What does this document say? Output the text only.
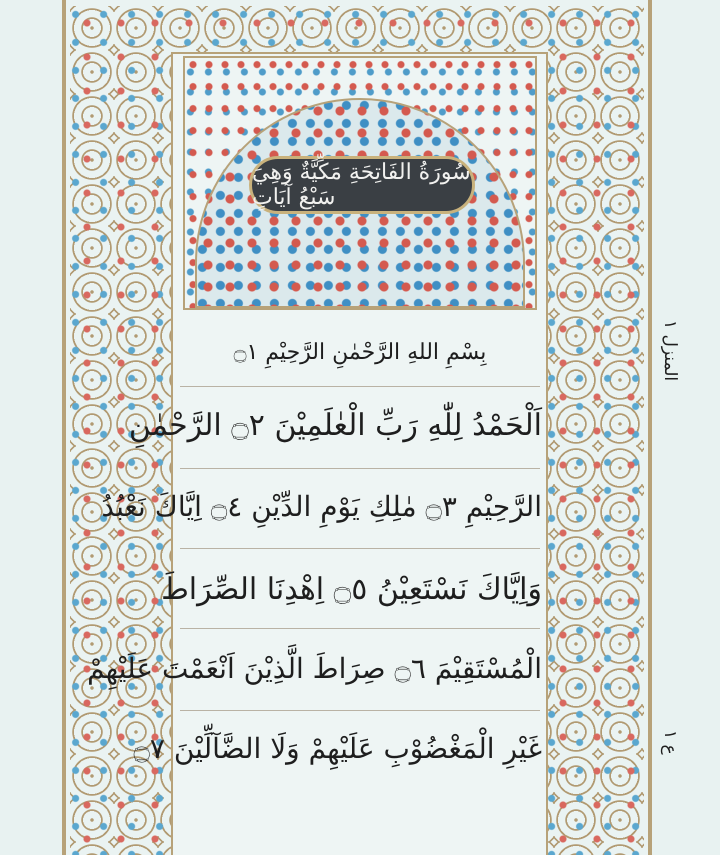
سُورَةُ الفَاتِحَةِ مَكِّيَّةٌ وَهِيَ سَبْعُ آيَاتٍ
بِسْمِ اللهِ الرَّحْمٰنِ الرَّحِيْمِ ۝١
اَلْحَمْدُ لِلّٰهِ رَبِّ الْعٰلَمِيْنَ ۝٢ الرَّحْمٰنِ
الرَّحِيْمِ ۝٣ مٰلِكِ يَوْمِ الدِّيْنِ ۝٤ اِيَّاكَ نَعْبُدُ
وَاِيَّاكَ نَسْتَعِيْنُ ۝٥ اِهْدِنَا الصِّرَاطَ
الْمُسْتَقِيْمَ ۝٦ صِرَاطَ الَّذِيْنَ اَنْعَمْتَ عَلَيْهِمْ
غَيْرِ الْمَغْضُوْبِ عَلَيْهِمْ وَلَا الضَّآلِّيْنَ ۝٧
المنزل ١
ع ١
